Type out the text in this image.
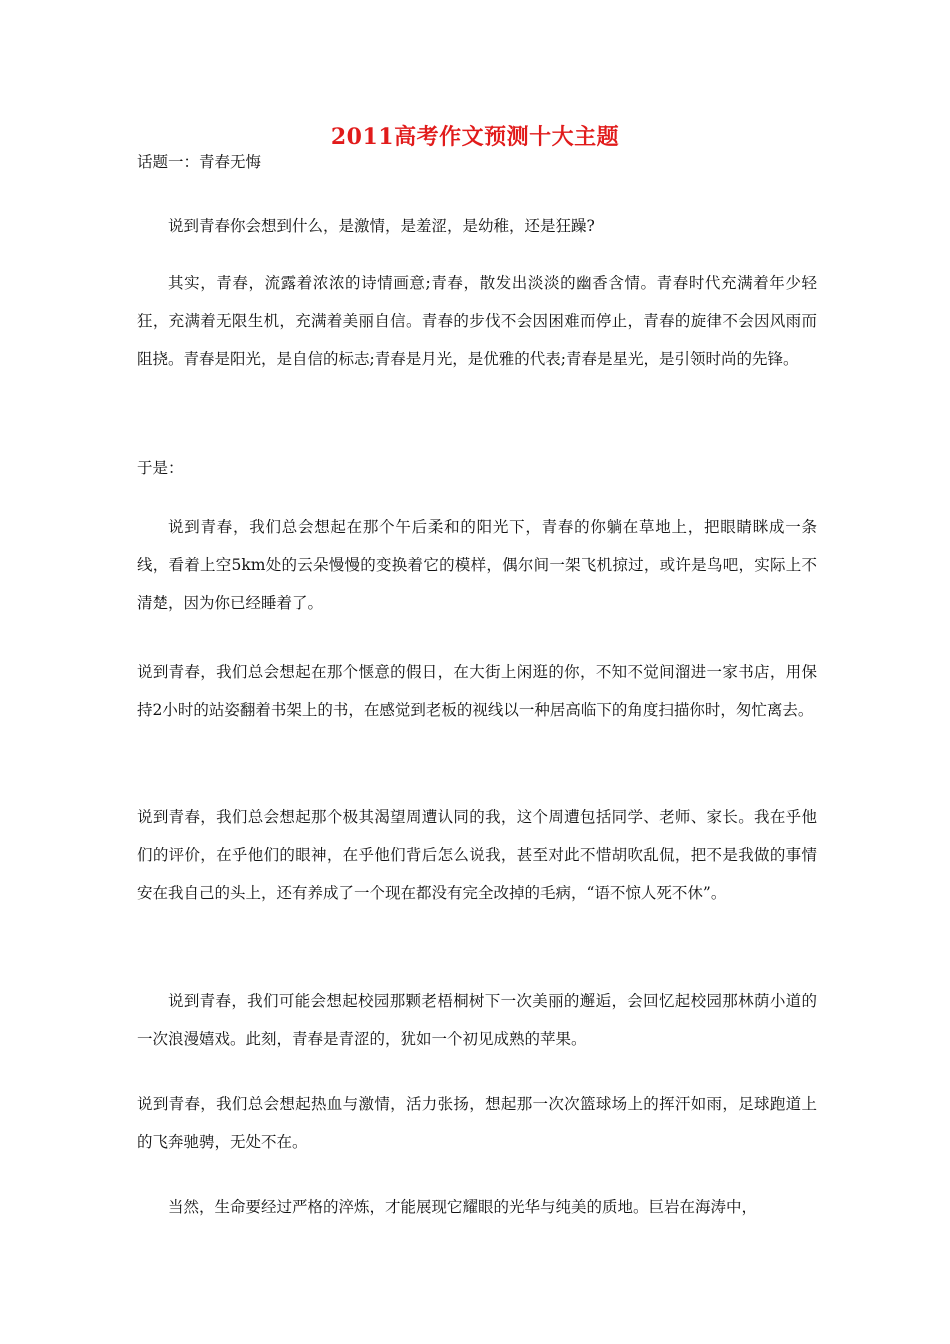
2011高考作文预测十大主题
话题一：青春无悔
说到青春你会想到什么，是激情，是羞涩，是幼稚，还是狂躁?
其实，青春，流露着浓浓的诗情画意;青春，散发出淡淡的幽香含情。青春时代充满着年少轻狂，充满着无限生机，充满着美丽自信。青春的步伐不会因困难而停止，青春的旋律不会因风雨而阻挠。青春是阳光，是自信的标志;青春是月光，是优雅的代表;青春是星光，是引领时尚的先锋。
于是：
说到青春，我们总会想起在那个午后柔和的阳光下，青春的你躺在草地上，把眼睛眯成一条线，看着上空5km处的云朵慢慢的变换着它的模样，偶尔间一架飞机掠过，或许是鸟吧，实际上不清楚，因为你已经睡着了。
说到青春，我们总会想起在那个惬意的假日，在大街上闲逛的你，不知不觉间溜进一家书店，用保持2小时的站姿翻着书架上的书，在感觉到老板的视线以一种居高临下的角度扫描你时，匆忙离去。
说到青春，我们总会想起那个极其渴望周遭认同的我，这个周遭包括同学、老师、家长。我在乎他们的评价，在乎他们的眼神，在乎他们背后怎么说我，甚至对此不惜胡吹乱侃，把不是我做的事情安在我自己的头上，还有养成了一个现在都没有完全改掉的毛病，“语不惊人死不休”。
说到青春，我们可能会想起校园那颗老梧桐树下一次美丽的邂逅，会回忆起校园那林荫小道的一次浪漫嬉戏。此刻，青春是青涩的，犹如一个初见成熟的苹果。
说到青春，我们总会想起热血与激情，活力张扬，想起那一次次篮球场上的挥汗如雨，足球跑道上的飞奔驰骋，无处不在。
当然，生命要经过严格的淬炼，才能展现它耀眼的光华与纯美的质地。巨岩在海涛中，
